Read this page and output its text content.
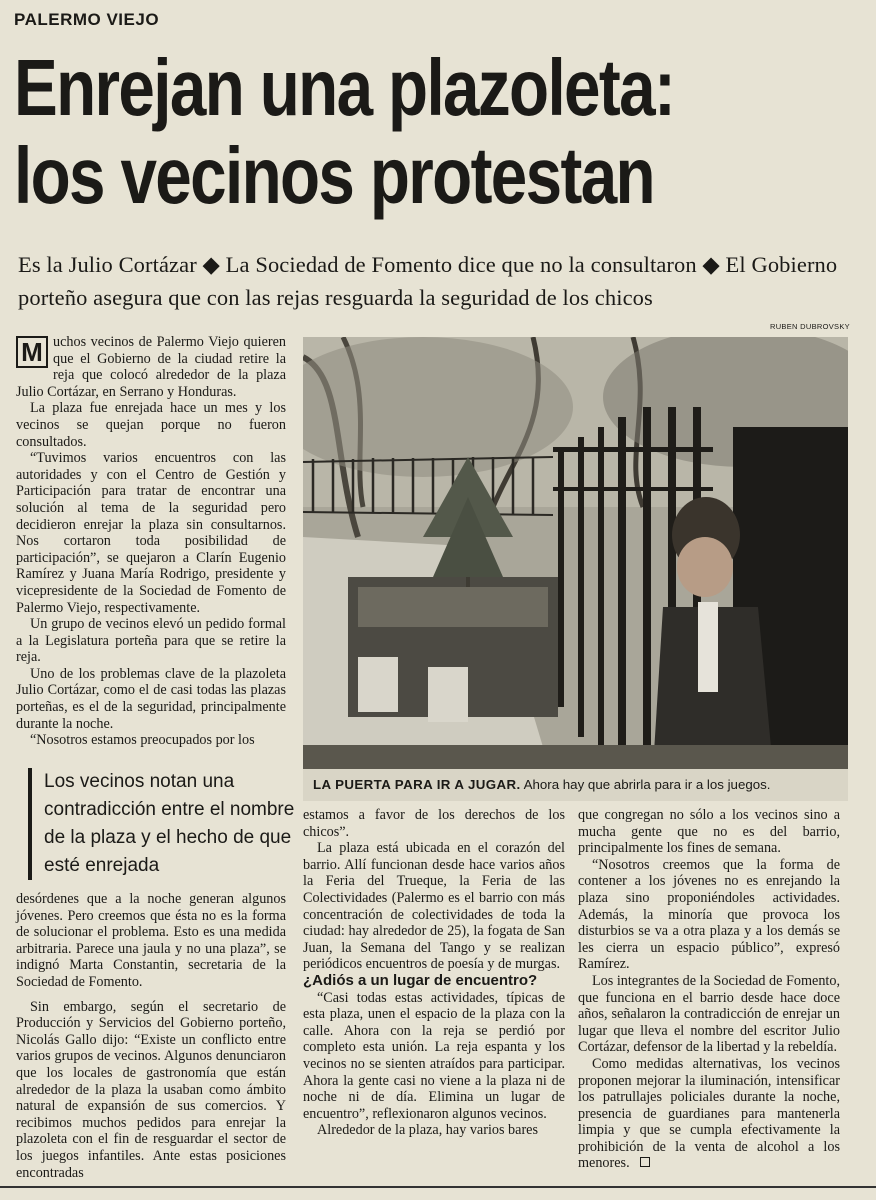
PALERMO VIEJO
Enrejan una plazoleta:
los vecinos protestan
Es la Julio Cortázar ◆ La Sociedad de Fomento dice que no la consultaron ◆ El Gobierno porteño asegura que con las rejas resguarda la seguridad de los chicos
RUBEN DUBROVSKY

M uchos vecinos de Palermo Viejo quieren que el Gobierno de la ciudad retire la reja que colocó alrededor de la plaza Julio Cortázar, en Serrano y Honduras.

La plaza fue enrejada hace un mes y los vecinos se quejan porque no fueron consultados.

“Tuvimos varios encuentros con las autoridades y con el Centro de Gestión y Participación para tratar de encontrar una solución al tema de la seguridad pero decidieron enrejar la plaza sin consultarnos. Nos cortaron toda posibilidad de participación”, se quejaron a Clarín Eugenio Ramírez y Juana María Rodrigo, presidente y vicepresidente de la Sociedad de Fomento de Palermo Viejo, respectivamente.

Un grupo de vecinos elevó un pedido formal a la Legislatura porteña para que se retire la reja.

Uno de los problemas clave de la plazoleta Julio Cortázar, como el de casi todas las plazas porteñas, es el de la seguridad, principalmente durante la noche.

“Nosotros estamos preocupados por los

Los vecinos notan una contradicción entre el nombre de la plaza y el hecho de que esté enrejada

desórdenes que a la noche generan algunos jóvenes. Pero creemos que ésta no es la forma de solucionar el problema. Esto es una medida arbitraria. Parece una jaula y no una plaza”, se indignó Marta Constantin, secretaria de la Sociedad de Fomento.

Sin embargo, según el secretario de Producción y Servicios del Gobierno porteño, Nicolás Gallo dijo: “Existe un conflicto entre varios grupos de vecinos. Algunos denunciaron que los locales de gastronomía que están alrededor de la plaza la usaban como ámbito natural de expansión de sus comercios. Y recibimos muchos pedidos para enrejar la plazoleta con el fin de resguardar el sector de los juegos infantiles. Ante estas posiciones encontradas

LA PUERTA PARA IR A JUGAR. Ahora hay que abrirla para ir a los juegos.

estamos a favor de los derechos de los chicos”.

La plaza está ubicada en el corazón del barrio. Allí funcionan desde hace varios años la Feria del Trueque, la Feria de las Colectividades (Palermo es el barrio con más concentración de colectividades de toda la ciudad: hay alrededor de 25), la fogata de San Juan, la Semana del Tango y se realizan periódicos encuentros de poesía y de murgas.

¿Adiós a un lugar de encuentro?

“Casi todas estas actividades, típicas de esta plaza, unen el espacio de la plaza con la calle. Ahora con la reja se perdió por completo esta unión. La reja espanta y los vecinos no se sienten atraídos para participar. Ahora la gente casi no viene a la plaza ni de noche ni de día. Elimina un lugar de encuentro”, reflexionaron algunos vecinos.

Alrededor de la plaza, hay varios bares

que congregan no sólo a los vecinos sino a mucha gente que no es del barrio, principalmente los fines de semana.

“Nosotros creemos que la forma de contener a los jóvenes no es enrejando la plaza sino proponiéndoles actividades. Además, la minoría que provoca los disturbios se va a otra plaza y a los demás se les cierra un espacio público”, expresó Ramírez.

Los integrantes de la Sociedad de Fomento, que funciona en el barrio desde hace doce años, señalaron la contradicción de enrejar un lugar que lleva el nombre del escritor Julio Cortázar, defensor de la libertad y la rebeldía.

Como medidas alternativas, los vecinos proponen mejorar la iluminación, intensificar los patrullajes policiales durante la noche, presencia de guardianes para mantenerla limpia y que se cumpla efectivamente la prohibición de la venta de alcohol a los menores.
